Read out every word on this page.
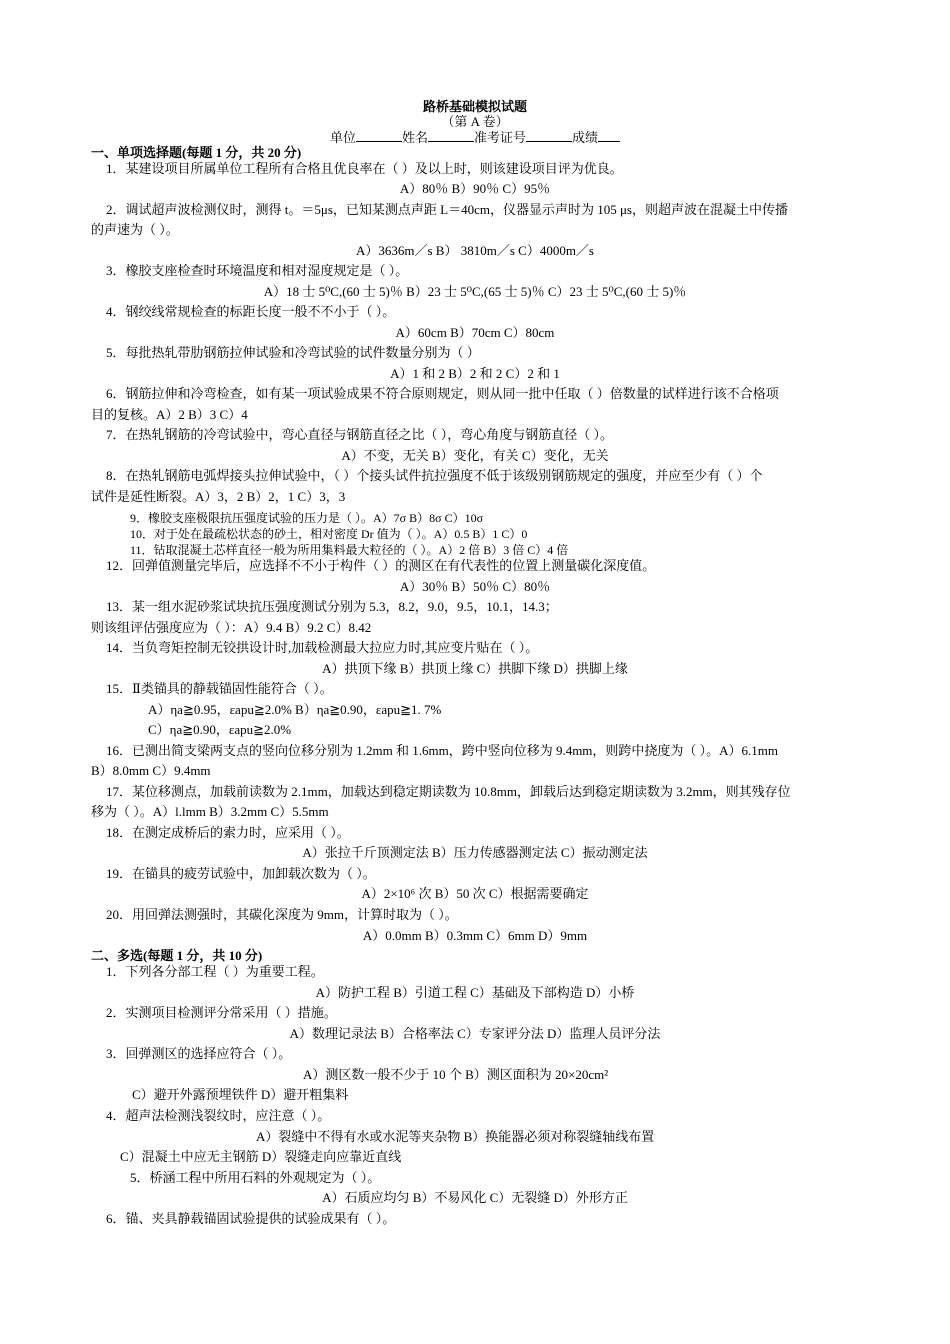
路桥基础模拟试题
（第 A 卷）
单位	姓名	准考证号	成绩
一、单项选择题(每题 1 分，共 20 分)
1．某建设项目所属单位工程所有合格且优良率在（ ）及以上时，则该建设项目评为优良。
A）80％ B）90％ C）95％
2．调试超声波检测仪时，测得 t。＝5μs，已知某测点声距 L＝40cm，仪器显示声时为 105 μs，则超声波在混凝土中传播
的声速为（ ）。
A）3636m／s B） 3810m／s C）4000m／s
3．橡胶支座检查时环境温度和相对湿度规定是（ ）。
A）18 士 5⁰C,(60 士 5)％ B）23 士 5⁰C,(65 士 5)％ C）23 士 5⁰C,(60 士 5)％
4．钢绞线常规检查的标距长度一般不不小于（ ）。
A）60cm B）70cm C）80cm
5．每批热轧带肋钢筋拉伸试验和冷弯试验的试件数量分别为（ ）
A）1 和 2 B）2 和 2 C）2 和 1
6．钢筋拉伸和冷弯检查，如有某一项试验成果不符合原则规定，则从同一批中任取（ ）倍数量的试样进行该不合格项
目的复核。A）2 B）3 C）4
7．在热轧钢筋的冷弯试验中，弯心直径与钢筋直径之比（ ），弯心角度与钢筋直径（ ）。
A）不变，无关 B）变化，有关 C）变化，无关
8．在热轧钢筋电弧焊接头拉伸试验中，（ ）个接头试件抗拉强度不低于该级别钢筋规定的强度，并应至少有（ ）个
试件是延性断裂。A）3，2 B）2，1 C）3，3
9．橡胶支座极限抗压强度试验的压力是（ ）。A）7σ B）8σ C）10σ
10．对于处在最疏松状态的砂土，相对密度 Dr 值为（ ）。A）0.5 B）1 C）0
11．钻取混凝土芯样直径一般为所用集料最大粒径的（ ）。A）2 倍 B）3 倍 C）4 倍
12．回弹值测量完毕后，应选择不不小于构件（ ）的测区在有代表性的位置上测量碳化深度值。
A）30％ B）50％ C）80％
13．某一组水泥砂浆试块抗压强度测试分别为 5.3，8.2，9.0，9.5，10.1，14.3；
则该组评估强度应为（ ）：A）9.4 B）9.2 C）8.42
14．当负弯矩控制无铰拱设计时,加载检测最大拉应力时,其应变片贴在（ ）。
A）拱顶下缘 B）拱顶上缘 C）拱脚下缘 D）拱脚上缘
15．Ⅱ类锚具的静载锚固性能符合（ ）。
A）ηa≧0.95，εapu≧2.0% B）ηa≧0.90，εapu≧1. 7%
C）ηa≧0.90，εapu≧2.0%
16．已测出简支梁两支点的竖向位移分别为 1.2mm 和 1.6mm，跨中竖向位移为 9.4mm，则跨中挠度为（ ）。A）6.1mm
B）8.0mm C）9.4mm
17．某位移测点，加载前读数为 2.1mm，加载达到稳定期读数为 10.8mm，卸载后达到稳定期读数为 3.2mm，则其残存位
移为（ ）。A）l.lmm B）3.2mm C）5.5mm
18．在测定成桥后的索力时，应采用（ ）。
A）张拉千斤顶测定法 B）压力传感器测定法 C）振动测定法
19．在锚具的疲劳试验中，加卸载次数为（ ）。
A）2×10⁶ 次 B）50 次 C）根据需要确定
20．用回弹法测强时，其碳化深度为 9mm，计算时取为（ ）。
A）0.0mm B）0.3mm C）6mm D）9mm
二、多选(每题 1 分，共 10 分)
1．下列各分部工程（ ）为重要工程。
A）防护工程 B）引道工程 C）基础及下部构造 D）小桥
2．实测项目检测评分常采用（ ）措施。
A）数理记录法 B）合格率法 C）专家评分法 D）监理人员评分法
3．回弹测区的选择应符合（ ）。
A）测区数一般不少于 10 个 B）测区面积为 20×20cm²
C）避开外露预埋铁件 D）避开粗集料
4．超声法检测浅裂纹时，应注意（ ）。
A）裂缝中不得有水或水泥等夹杂物 B）换能器必须对称裂缝轴线布置
C）混凝土中应无主钢筋 D）裂缝走向应靠近直线
5．桥涵工程中所用石料的外观规定为（ ）。
A）石质应均匀 B）不易风化 C）无裂缝 D）外形方正
6．锚、夹具静载锚固试验提供的试验成果有（ ）。
